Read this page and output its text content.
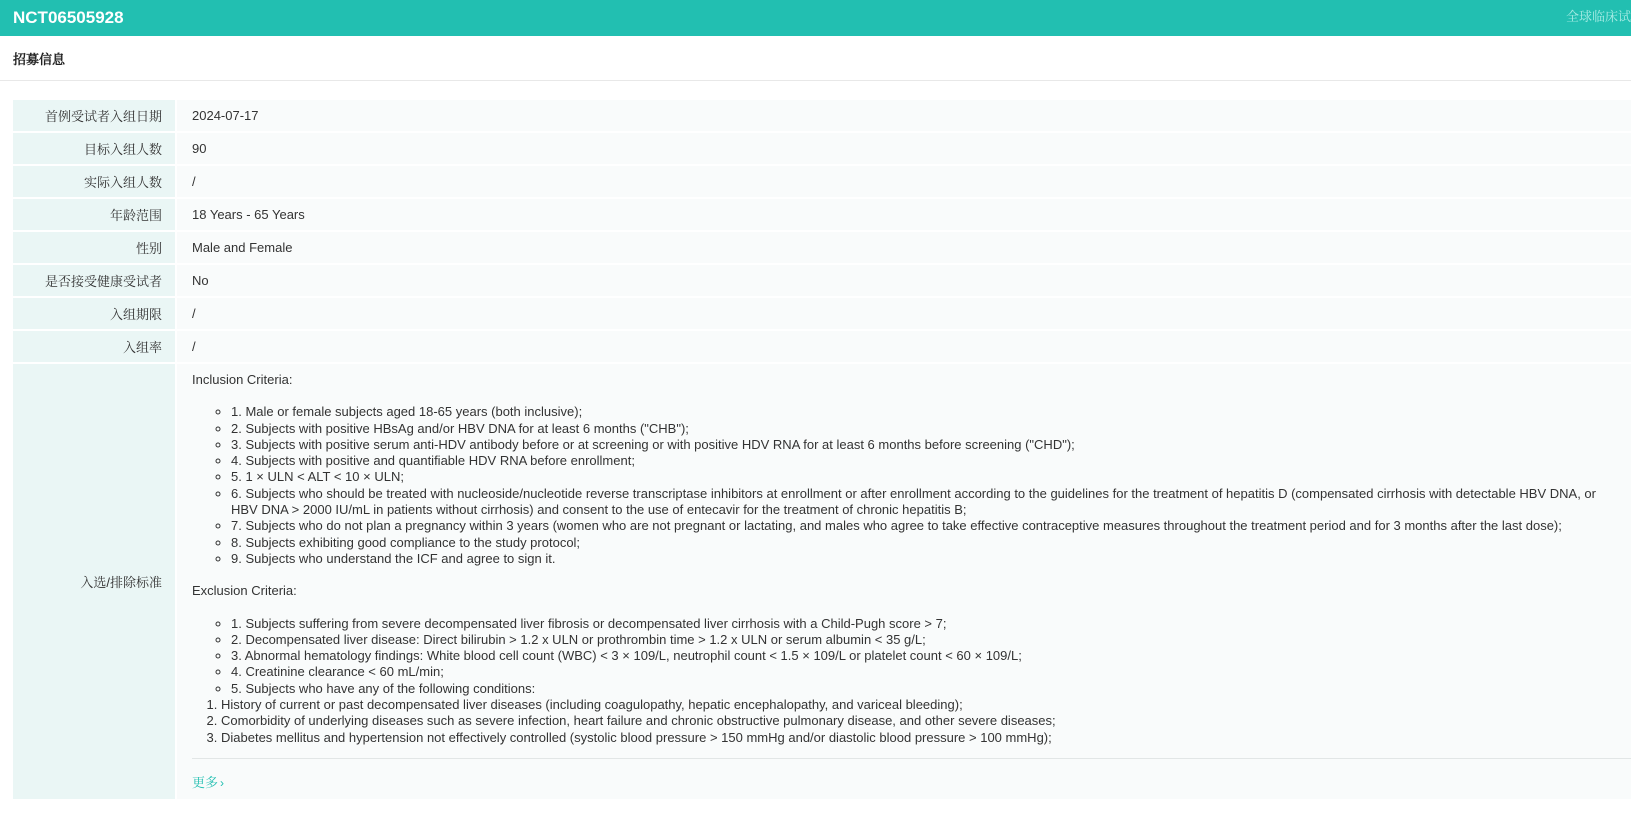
NCT06505928	全球临床试
招募信息
首例受试者入组日期	2024-07-17
目标入组人数	90
实际入组人数	/
年龄范围	18 Years - 65 Years
性别	Male and Female
是否接受健康受试者	No
入组期限	/
入组率	/
入选/排除标准
Inclusion Criteria:
◦ 1. Male or female subjects aged 18-65 years (both inclusive);
◦ 2. Subjects with positive HBsAg and/or HBV DNA for at least 6 months ("CHB");
◦ 3. Subjects with positive serum anti-HDV antibody before or at screening or with positive HDV RNA for at least 6 months before screening ("CHD");
◦ 4. Subjects with positive and quantifiable HDV RNA before enrollment;
◦ 5. 1 × ULN < ALT < 10 × ULN;
◦ 6. Subjects who should be treated with nucleoside/nucleotide reverse transcriptase inhibitors at enrollment or after enrollment according to the guidelines for the treatment of hepatitis D (compensated cirrhosis with detectable HBV DNA, or HBV DNA > 2000 IU/mL in patients without cirrhosis) and consent to the use of entecavir for the treatment of chronic hepatitis B;
◦ 7. Subjects who do not plan a pregnancy within 3 years (women who are not pregnant or lactating, and males who agree to take effective contraceptive measures throughout the treatment period and for 3 months after the last dose);
◦ 8. Subjects exhibiting good compliance to the study protocol;
◦ 9. Subjects who understand the ICF and agree to sign it.
Exclusion Criteria:
◦ 1. Subjects suffering from severe decompensated liver fibrosis or decompensated liver cirrhosis with a Child-Pugh score > 7;
◦ 2. Decompensated liver disease: Direct bilirubin > 1.2 x ULN or prothrombin time > 1.2 x ULN or serum albumin < 35 g/L;
◦ 3. Abnormal hematology findings: White blood cell count (WBC) < 3 × 109/L, neutrophil count < 1.5 × 109/L or platelet count < 60 × 109/L;
◦ 4. Creatinine clearance < 60 mL/min;
◦ 5. Subjects who have any of the following conditions:
1. History of current or past decompensated liver diseases (including coagulopathy, hepatic encephalopathy, and variceal bleeding);
2. Comorbidity of underlying diseases such as severe infection, heart failure and chronic obstructive pulmonary disease, and other severe diseases;
3. Diabetes mellitus and hypertension not effectively controlled (systolic blood pressure > 150 mmHg and/or diastolic blood pressure > 100 mmHg);
更多 ›
